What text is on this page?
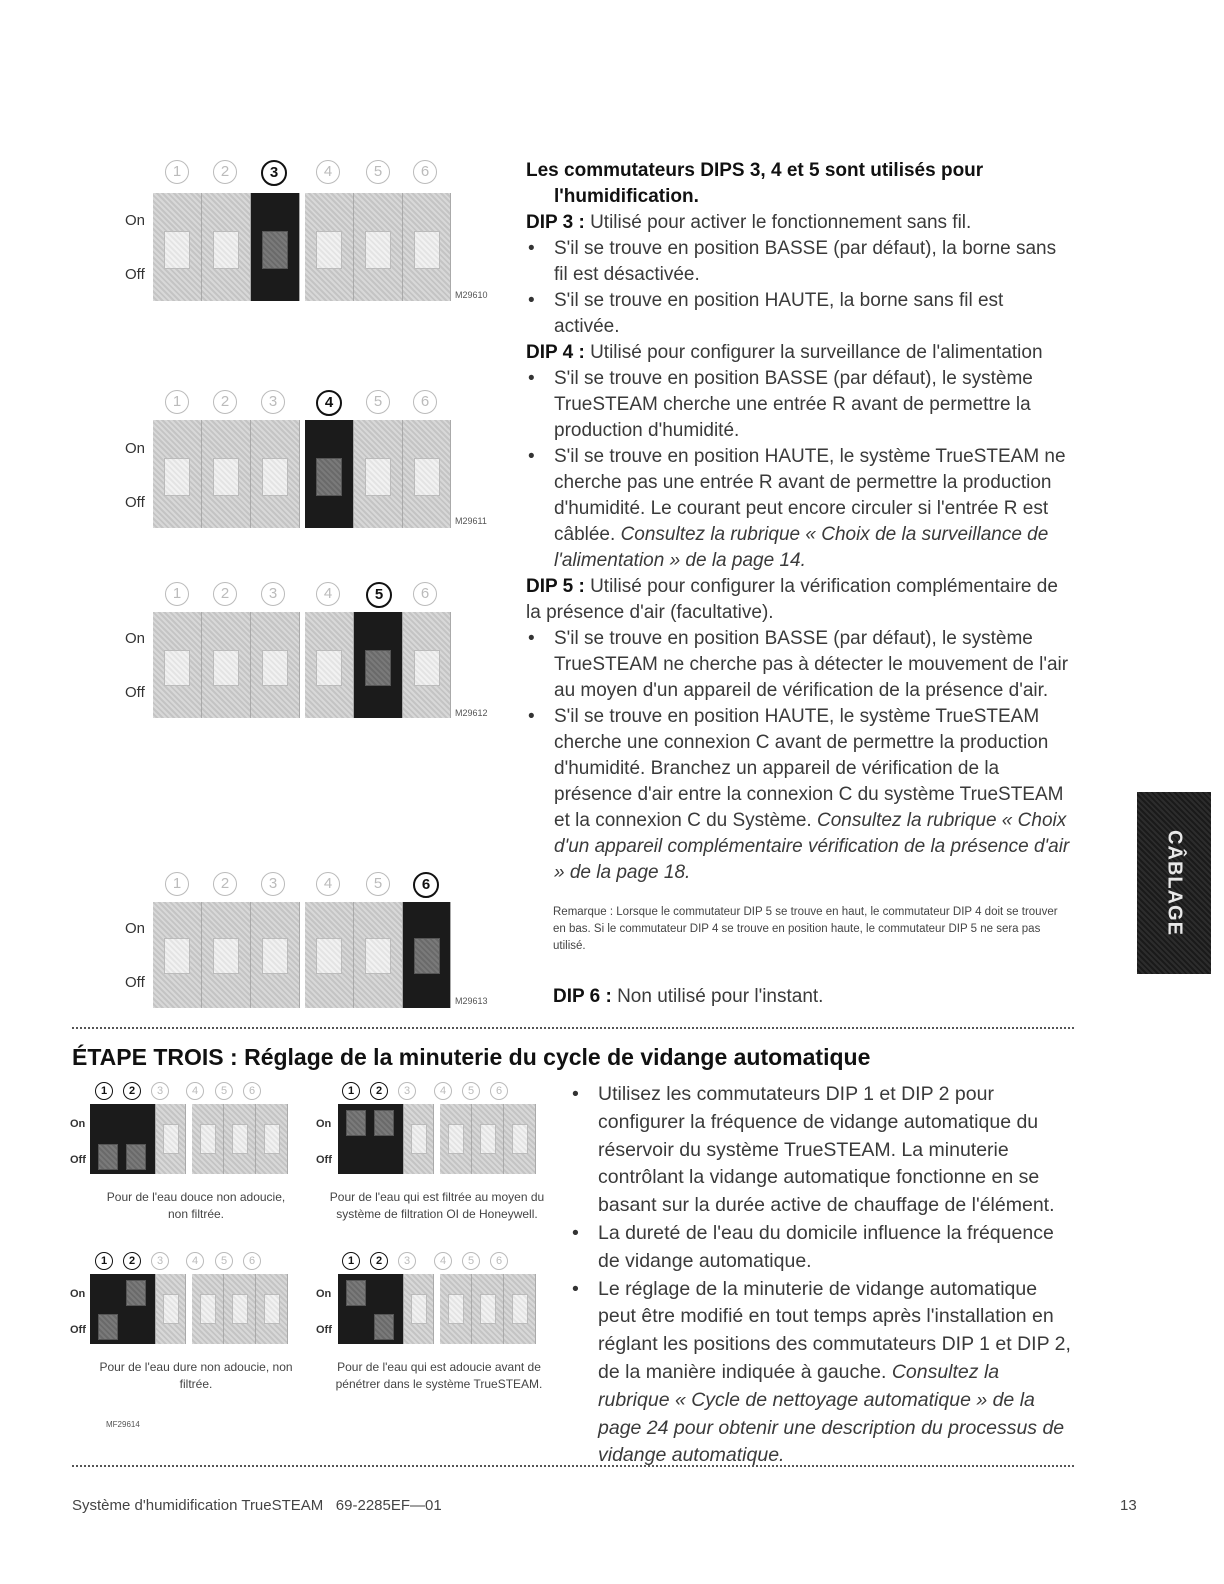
1	2	3	4	5	6
On
Off
M29610
1	2	3	4	5	6
On
Off
M29611
1	2	3	4	5	6
On
Off
M29612
1	2	3	4	5	6
On
Off
M29613

Les commutateurs DIPS 3, 4 et 5 sont utilisés pour l'humidification.

DIP 3 : Utilisé pour activer le fonctionnement sans fil.

• S'il se trouve en position BASSE (par défaut), la borne sans fil est désactivée.

• S'il se trouve en position HAUTE, la borne sans fil est activée.

DIP 4 : Utilisé pour configurer la surveillance de l'alimentation

• S'il se trouve en position BASSE (par défaut), le système TrueSTEAM cherche une entrée R avant de permettre la production d'humidité.

• S'il se trouve en position HAUTE, le système TrueSTEAM ne cherche pas une entrée R avant de permettre la production d'humidité. Le courant peut encore circuler si l'entrée R est câblée. Consultez la rubrique « Choix de la surveillance de l'alimentation » de la page 14.

DIP 5 : Utilisé pour configurer la vérification complémentaire de la présence d'air (facultative).

• S'il se trouve en position BASSE (par défaut), le système TrueSTEAM ne cherche pas à détecter le mouvement de l'air au moyen d'un appareil de vérification de la présence d'air.

• S'il se trouve en position HAUTE, le système TrueSTEAM cherche une connexion C avant de permettre la production d'humidité. Branchez un appareil de vérification de la présence d'air entre la connexion C du système TrueSTEAM et la connexion C du Système. Consultez la rubrique « Choix d'un appareil complémentaire vérification de la présence d'air » de la page 18.

Remarque : Lorsque le commutateur DIP 5 se trouve en haut, le commutateur DIP 4 doit se trouver en bas. Si le commutateur DIP 4 se trouve en position haute, le commutateur DIP 5 ne sera pas utilisé.

DIP 6 : Non utilisé pour l'instant.

ÉTAPE TROIS : Réglage de la minuterie du cycle de vidange automatique
1	2	3	4	5	6
On
Off
Pour de l'eau douce non adoucie, non filtrée.
1	2	3	4	5	6
On
Off
Pour de l'eau qui est filtrée au moyen du système de filtration OI de Honeywell.
1	2	3	4	5	6
On
Off
Pour de l'eau dure non adoucie, non filtrée.
1	2	3	4	5	6
On
Off
Pour de l'eau qui est adoucie avant de pénétrer dans le système TrueSTEAM.
MF29614

• Utilisez les commutateurs DIP 1 et DIP 2 pour configurer la fréquence de vidange automatique du réservoir du système TrueSTEAM. La minuterie contrôlant la vidange automatique fonctionne en se basant sur la durée active de chauffage de l'élément.

• La dureté de l'eau du domicile influence la fréquence de vidange automatique.

• Le réglage de la minuterie de vidange automatique peut être modifié en tout temps après l'installation en réglant les positions des commutateurs DIP 1 et DIP 2, de la manière indiquée à gauche. Consultez la rubrique « Cycle de nettoyage automatique » de la page 24 pour obtenir une description du processus de vidange automatique.

CÂBLAGE
Système d'humidification TrueSTEAM   69-2285EF—01	13
